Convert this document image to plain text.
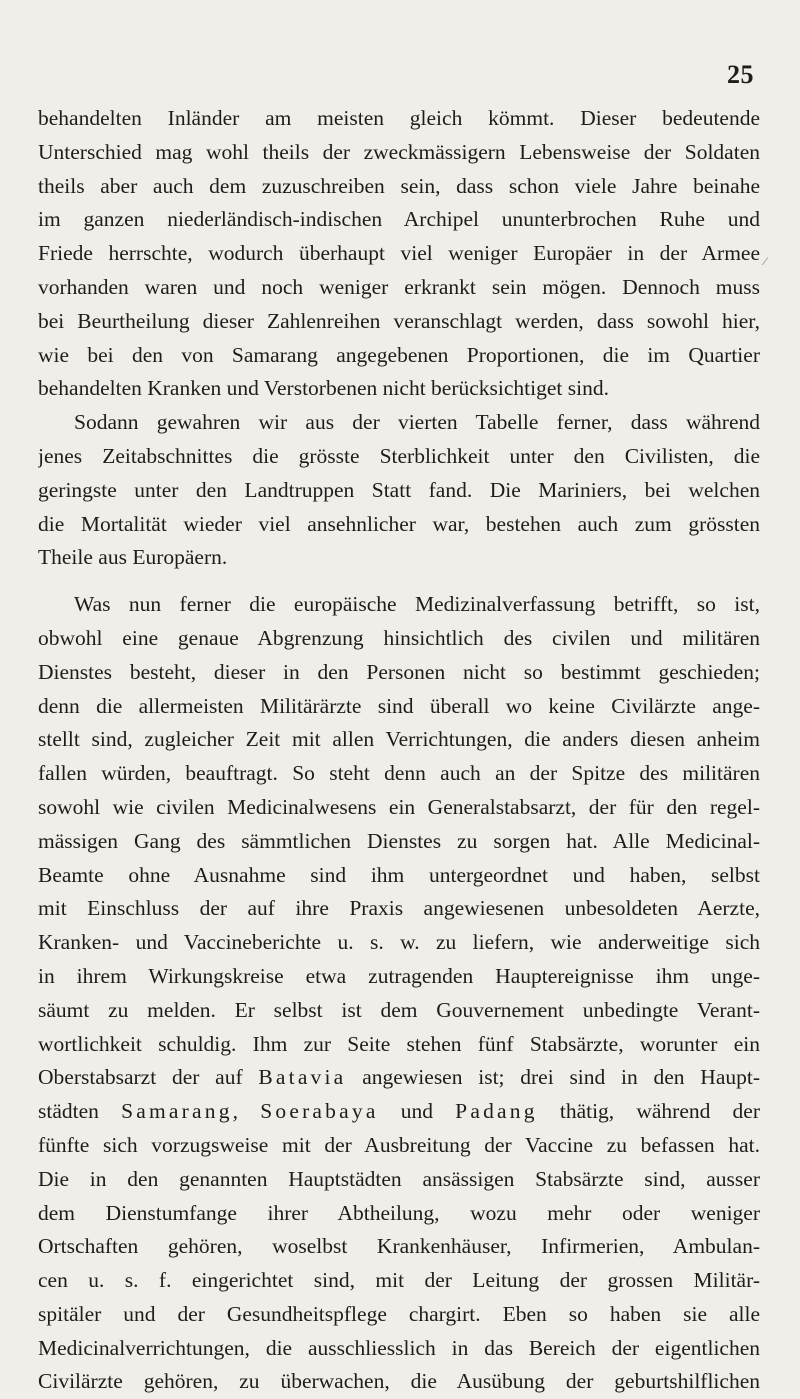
25
⁄
behandelten Inländer am meisten gleich kömmt. Dieser bedeutende
Unterschied mag wohl theils der zweckmässigern Lebensweise der Soldaten
theils aber auch dem zuzuschreiben sein, dass schon viele Jahre beinahe
im ganzen niederländisch-indischen Archipel ununterbrochen Ruhe und
Friede herrschte, wodurch überhaupt viel weniger Europäer in der Armee
vorhanden waren und noch weniger erkrankt sein mögen. Dennoch muss
bei Beurtheilung dieser Zahlenreihen veranschlagt werden, dass sowohl hier,
wie bei den von Samarang angegebenen Proportionen, die im Quartier
behandelten Kranken und Verstorbenen nicht berücksichtiget sind.
Sodann gewahren wir aus der vierten Tabelle ferner, dass während
jenes Zeitabschnittes die grösste Sterblichkeit unter den Civilisten, die
geringste unter den Landtruppen Statt fand. Die Mariniers, bei welchen
die Mortalität wieder viel ansehnlicher war, bestehen auch zum grössten
Theile aus Europäern.
Was nun ferner die europäische Medizinalverfassung betrifft, so ist,
obwohl eine genaue Abgrenzung hinsichtlich des civilen und militären
Dienstes besteht, dieser in den Personen nicht so bestimmt geschieden;
denn die allermeisten Militärärzte sind überall wo keine Civilärzte ange-
stellt sind, zugleicher Zeit mit allen Verrichtungen, die anders diesen anheim
fallen würden, beauftragt. So steht denn auch an der Spitze des militären
sowohl wie civilen Medicinalwesens ein Generalstabsarzt, der für den regel-
mässigen Gang des sämmtlichen Dienstes zu sorgen hat. Alle Medicinal-
Beamte ohne Ausnahme sind ihm untergeordnet und haben, selbst
mit Einschluss der auf ihre Praxis angewiesenen unbesoldeten Aerzte,
Kranken- und Vaccineberichte u. s. w. zu liefern, wie anderweitige sich
in ihrem Wirkungskreise etwa zutragenden Hauptereignisse ihm unge-
säumt zu melden. Er selbst ist dem Gouvernement unbedingte Verant-
wortlichkeit schuldig. Ihm zur Seite stehen fünf Stabsärzte, worunter ein
Oberstabsarzt der auf Batavia angewiesen ist; drei sind in den Haupt-
städten Samarang, Soerabaya und Padang thätig, während der
fünfte sich vorzugsweise mit der Ausbreitung der Vaccine zu befassen hat.
Die in den genannten Hauptstädten ansässigen Stabsärzte sind, ausser
dem Dienstumfange ihrer Abtheilung, wozu mehr oder weniger
Ortschaften gehören, woselbst Krankenhäuser, Infirmerien, Ambulan-
cen u. s. f. eingerichtet sind, mit der Leitung der grossen Militär-
spitäler und der Gesundheitspflege chargirt. Eben so haben sie alle
Medicinalverrichtungen, die ausschliesslich in das Bereich der eigentlichen
Civilärzte gehören, zu überwachen, die Ausübung der geburtshilflichen
